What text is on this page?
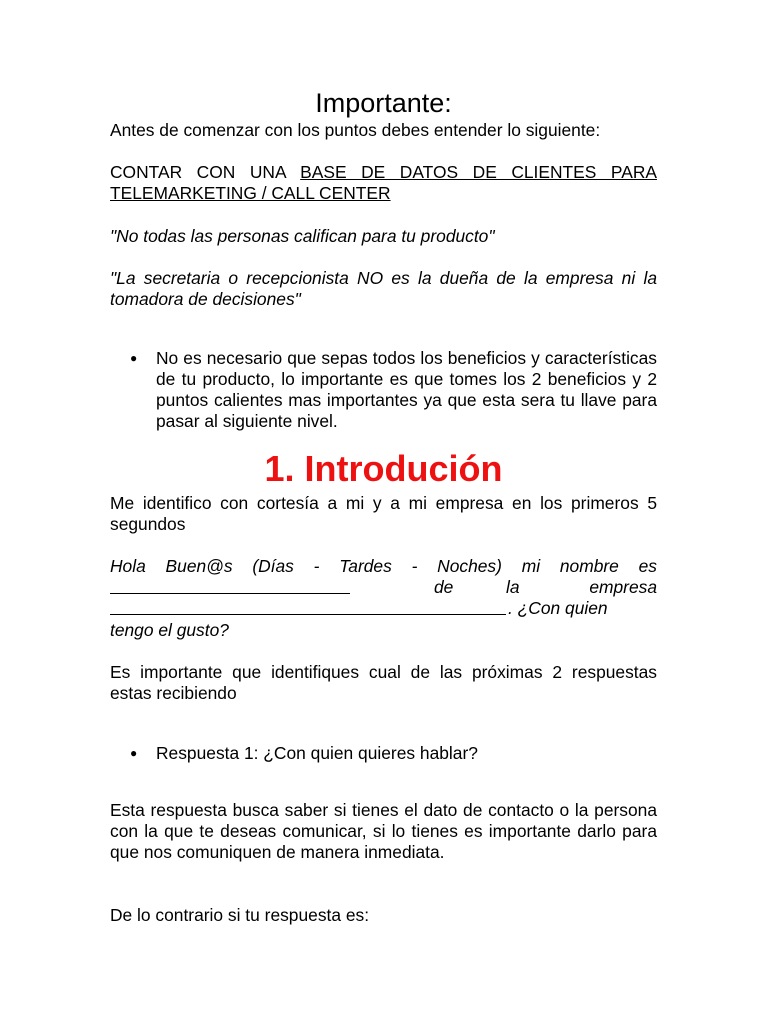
Importante:

Antes de comenzar con los puntos debes entender lo siguiente:

CONTAR CON UNA BASE DE DATOS DE CLIENTES PARA
TELEMARKETING / CALL CENTER

"No todas las personas califican para tu producto"

"La secretaria o recepcionista NO es la dueña de la empresa ni la tomadora de decisiones"

● No es necesario que sepas todos los beneficios y características de tu producto, lo importante es que tomes los 2 beneficios y 2 puntos calientes mas importantes ya que esta sera tu llave para pasar al siguiente nivel.
1. Introdución

Me identifico con cortesía a mi y a mi empresa en los primeros 5 segundos

Hola Buen@s (Días - Tardes - Noches) mi nombre es
de	la	empresa
. ¿Con quien
tengo el gusto?

Es importante que identifiques cual de las próximas 2 respuestas estas recibiendo

● Respuesta 1: ¿Con quien quieres hablar?

Esta respuesta busca saber si tienes el dato de contacto o la persona con la que te deseas comunicar, si lo tienes es importante darlo para que nos comuniquen de manera inmediata.

De lo contrario si tu respuesta es:
